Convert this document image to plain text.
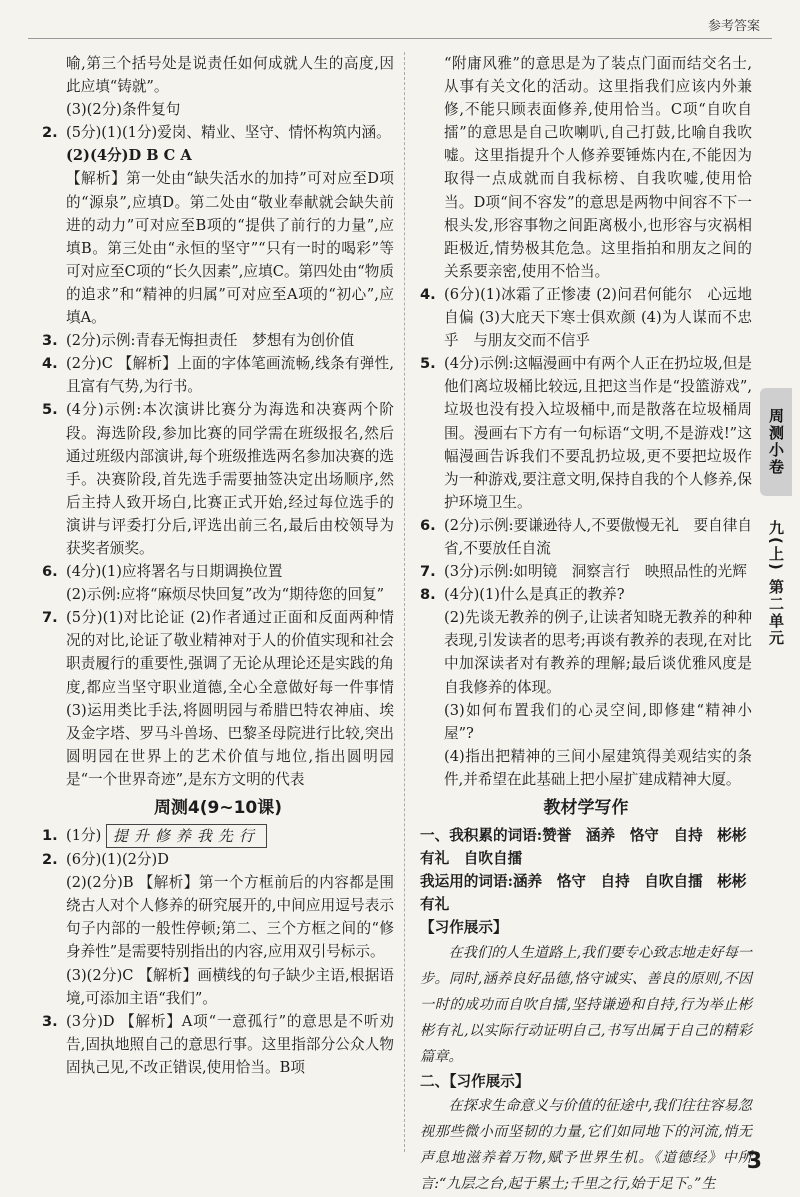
参考答案
喻,第三个括号处是说责任如何成就人生的高度,因此应填“铸就”。
(3)(2分)条件复句
2. (5分)(1)(1分)爱岗、精业、坚守、情怀构筑内涵。
(2)(4分)D B C A
【解析】第一处由“缺失活水的加持”可对应至D项的“源泉”,应填D。第二处由“敬业奉献就会缺失前进的动力”可对应至B项的“提供了前行的力量”,应填B。第三处由“永恒的坚守”“只有一时的喝彩”等可对应至C项的“长久因素”,应填C。第四处由“物质的追求”和“精神的归属”可对应至A项的“初心”,应填A。
3. (2分)示例:青春无悔担责任　梦想有为创价值
4. (2分)C 【解析】上面的字体笔画流畅,线条有弹性,且富有气势,为行书。
5. (4分)示例:本次演讲比赛分为海选和决赛两个阶段。海选阶段,参加比赛的同学需在班级报名,然后通过班级内部演讲,每个班级推选两名参加决赛的选手。决赛阶段,首先选手需要抽签决定出场顺序,然后主持人致开场白,比赛正式开始,经过每位选手的演讲与评委打分后,评选出前三名,最后由校领导为获奖者颁奖。
6. (4分)(1)应将署名与日期调换位置
(2)示例:应将“麻烦尽快回复”改为“期待您的回复”
7. (5分)(1)对比论证 (2)作者通过正面和反面两种情况的对比,论证了敬业精神对于人的价值实现和社会职责履行的重要性,强调了无论从理论还是实践的角度,都应当坚守职业道德,全心全意做好每一件事情 (3)运用类比手法,将圆明园与希腊巴特农神庙、埃及金字塔、罗马斗兽场、巴黎圣母院进行比较,突出圆明园在世界上的艺术价值与地位,指出圆明园是“一个世界奇迹”,是东方文明的代表
周测4(9~10课)
1. (1分) 提升修养我先行
2. (6分)(1)(2分)D
(2)(2分)B 【解析】第一个方框前后的内容都是围绕古人对个人修养的研究展开的,中间应用逗号表示句子内部的一般性停顿;第二、三个方框之间的“修身养性”是需要特别指出的内容,应用双引号标示。
(3)(2分)C 【解析】画横线的句子缺少主语,根据语境,可添加主语“我们”。
3. (3分)D 【解析】A项“一意孤行”的意思是不听劝告,固执地照自己的意思行事。这里指部分公众人物固执己见,不改正错误,使用恰当。B项
“附庸风雅”的意思是为了装点门面而结交名士,从事有关文化的活动。这里指我们应该内外兼修,不能只顾表面修养,使用恰当。C项“自吹自擂”的意思是自己吹喇叭,自己打鼓,比喻自我吹嘘。这里指提升个人修养要锤炼内在,不能因为取得一点成就而自我标榜、自我吹嘘,使用恰当。D项“间不容发”的意思是两物中间容不下一根头发,形容事物之间距离极小,也形容与灾祸相距极近,情势极其危急。这里指拍和朋友之间的关系要亲密,使用不恰当。
4. (6分)(1)冰霜了正惨凄 (2)问君何能尔　心远地自偏 (3)大庇天下寒士俱欢颜 (4)为人谋而不忠乎　与朋友交而不信乎
5. (4分)示例:这幅漫画中有两个人正在扔垃圾,但是他们离垃圾桶比较远,且把这当作是“投篮游戏”,垃圾也没有投入垃圾桶中,而是散落在垃圾桶周围。漫画右下方有一句标语“文明,不是游戏!”这幅漫画告诉我们不要乱扔垃圾,更不要把垃圾作为一种游戏,要注意文明,保持自我的个人修养,保护环境卫生。
6. (2分)示例:要谦逊待人,不要傲慢无礼　要自律自省,不要放任自流
7. (3分)示例:如明镜　洞察言行　映照品性的光辉
8. (4分)(1)什么是真正的教养?
(2)先谈无教养的例子,让读者知晓无教养的种种表现,引发读者的思考;再谈有教养的表现,在对比中加深读者对有教养的理解;最后谈优雅风度是自我修养的体现。
(3)如何布置我们的心灵空间,即修建“精神小屋”?
(4)指出把精神的三间小屋建筑得美观结实的条件,并希望在此基础上把小屋扩建成精神大厦。
教材学写作
一、我积累的词语:赞誉　涵养　恪守　自持　彬彬有礼　自吹自擂
我运用的词语:涵养　恪守　自持　自吹自擂　彬彬有礼
【习作展示】
在我们的人生道路上,我们要专心致志地走好每一步。同时,涵养良好品德,恪守诚实、善良的原则,不因一时的成功而自吹自擂,坚持谦逊和自持,行为举止彬彬有礼,以实际行动证明自己,书写出属于自己的精彩篇章。
二、【习作展示】
在探求生命意义与价值的征途中,我们往往容易忽视那些微小而坚韧的力量,它们如同地下的河流,悄无声息地滋养着万物,赋予世界生机。《道德经》中所言:“九层之台,起于累土;千里之行,始于足下。”生
周测小卷
九(上) 第二单元
3
